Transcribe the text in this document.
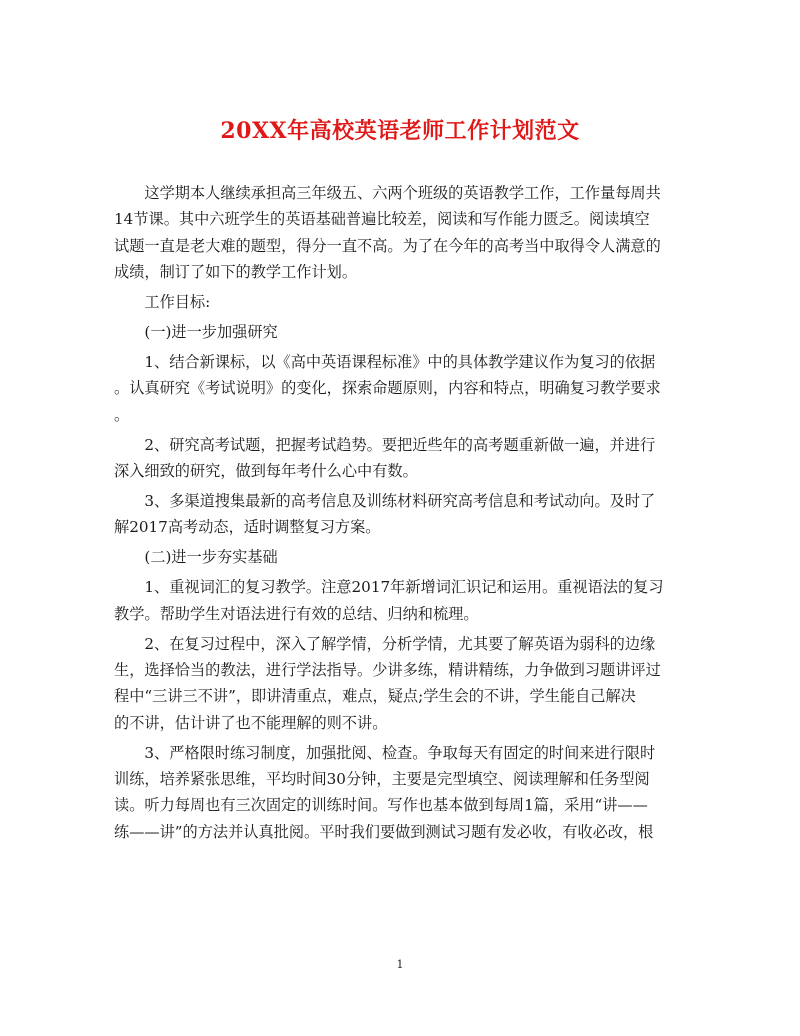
20XX年高校英语老师工作计划范文

这学期本人继续承担高三年级五、六两个班级的英语教学工作，工作量每周共
14节课。其中六班学生的英语基础普遍比较差，阅读和写作能力匮乏。阅读填空
试题一直是老大难的题型，得分一直不高。为了在今年的高考当中取得令人满意的
成绩，制订了如下的教学工作计划。

工作目标:

(一)进一步加强研究

1、结合新课标，以《高中英语课程标准》中的具体教学建议作为复习的依据
。认真研究《考试说明》的变化，探索命题原则，内容和特点，明确复习教学要求
。

2、研究高考试题，把握考试趋势。要把近些年的高考题重新做一遍，并进行
深入细致的研究，做到每年考什么心中有数。

3、多渠道搜集最新的高考信息及训练材料研究高考信息和考试动向。及时了
解2017高考动态，适时调整复习方案。

(二)进一步夯实基础

1、重视词汇的复习教学。注意2017年新增词汇识记和运用。重视语法的复习
教学。帮助学生对语法进行有效的总结、归纳和梳理。

2、在复习过程中，深入了解学情，分析学情，尤其要了解英语为弱科的边缘
生，选择恰当的教法，进行学法指导。少讲多练，精讲精练，力争做到习题讲评过
程中“三讲三不讲”，即讲清重点，难点，疑点;学生会的不讲，学生能自己解决
的不讲，估计讲了也不能理解的则不讲。

3、严格限时练习制度，加强批阅、检查。争取每天有固定的时间来进行限时
训练，培养紧张思维，平均时间30分钟，主要是完型填空、阅读理解和任务型阅
读。听力每周也有三次固定的训练时间。写作也基本做到每周1篇，采用“讲——
练——讲”的方法并认真批阅。平时我们要做到测试习题有发必收，有收必改，根

1
